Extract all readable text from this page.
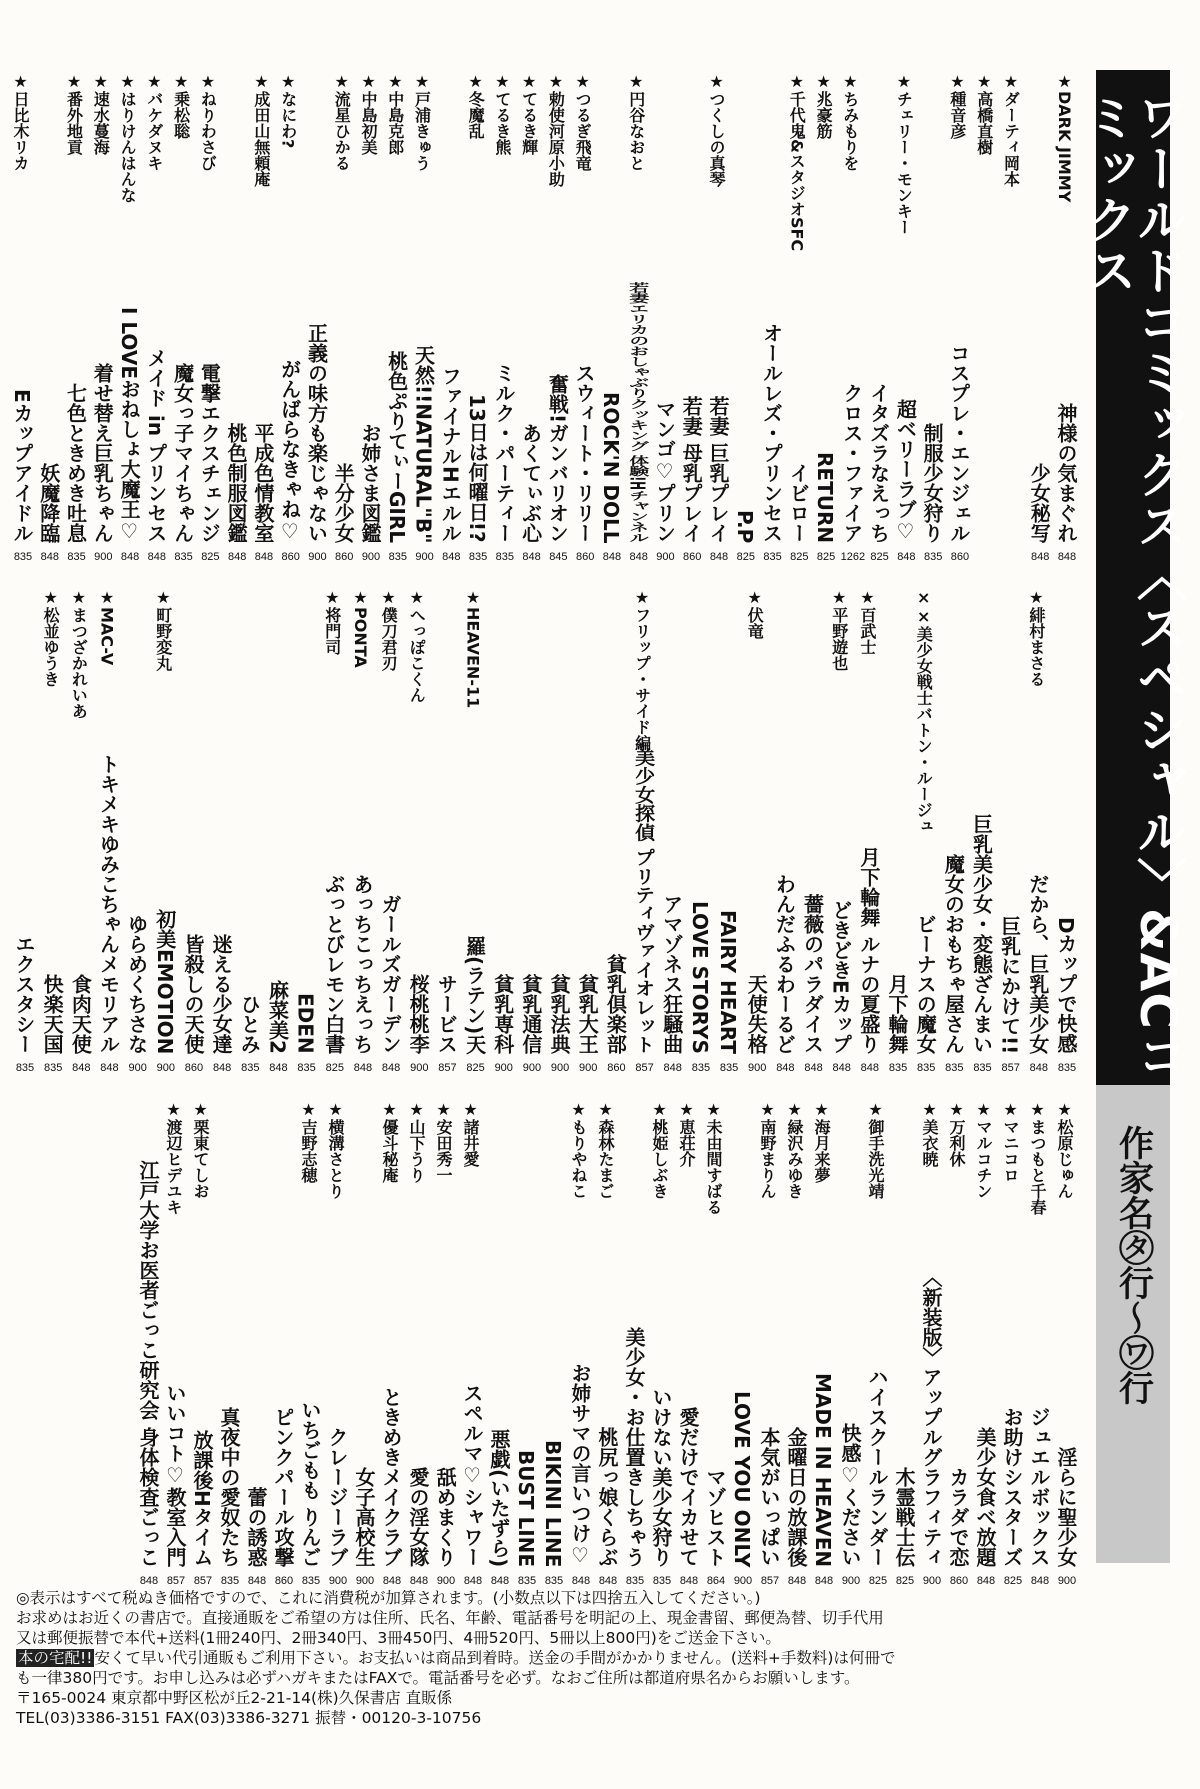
ワールドコミックス〈スペシャル〉&ACコミックス
作家名㋟行〜㋻行
★DARK JIMMY
神様の気まぐれ
848
少女秘写
848
★ダーティ岡本
★高橋直樹
★種音彦
コスプレ・エンジェル
860
制服少女狩り
835
★チェリー・モンキー
超ベリーラブ♡
848
イタズラなえっち
825
★ちみもりを
クロス・ファイア
1262
★兆豪筋
RETURN
825
★千代鬼&スタジオSFC
イビロー
825
オールレズ・プリンセス
835
P.P
825
★つくしの真琴
若妻 巨乳プレイ
848
若妻 母乳プレイ
860
マンゴ♡プリン
900
★円谷なおと
若妻エリカのおしゃぶりクッキング 体験!Hチャンネル
848
ROCK'N DOLL
848
★つるぎ飛竜
スウィート・リリー
860
★勅使河原小助
奮戦!ガンバリオン
845
★てるき輝
あくてぃぶ心
848
★てるき熊
ミルク・パーティー
835
★冬魔乱
13日は何曜日!?
835
ファイナルHエルル
848
★戸浦きゅう
天然!!NATURAL"B"
900
★中島克郎
桃色ぷりてぃーGIRL
835
★中島初美
お姉さま図鑑
900
★流星ひかる
半分少女
860
正義の味方も楽じゃない
900
★なにわ?
がんばらなきゃね♡
860
★成田山無頼庵
平成色情教室
848
桃色制服図鑑
848
★ねりわさび
電撃エクスチェンジ
825
★乗松聡
魔女っ子マイちゃん
835
★バケダヌキ
メイド in プリンセス
848
★はりけんはんな
I LOVEおねしょ大魔王♡
848
★速水蔓海
着せ替え巨乳ちゃん
900
★番外地貢
七色ときめき吐息
835
妖魔降臨
848
★日比木リカ
Eカップアイドル
835
Dカップで快感
835
★緋村まさる
だから、巨乳美少女
848
巨乳にかけて!!
857
巨乳美少女・変態ざんまい
835
魔女のおもちゃ屋さん
835
××美少女戦士バトン・ルージュ
ビーナスの魔女
835
月下輪舞
835
★百武士
月下輪舞 ルナの夏盛り
848
★平野遊也
どきどきEカップ
848
薔薇のパラダイス
848
わんだふるわーるど
848
★伏竜
天使失格
900
FAIRY HEART
835
LOVE STORYS
835
アマゾネス狂騒曲
848
★フリップ・サイド編
美少女探偵 プリティヴァイオレット
857
貧乳倶楽部
860
貧乳大王
900
貧乳法典
900
貧乳通信
900
貧乳専科
900
★HEAVEN-11
羅(ラテン)天
825
サービス
857
★へっぽこくん
桜桃桃李
900
★僕刀君刃
ガールズガーデン
848
★PONTA
あっちこっちえっち
848
★将門司
ぶっとびレモン白書
825
EDEN
835
麻菜美2
848
ひとみ
835
迷える少女達
848
皆殺しの天使
860
★町野変丸
初美EMOTION
900
ゆらめくちさな
900
★MAC-V
トキメキゆみこちゃんメモリアル
848
★まつざかれいあ
食肉天使
848
★松並ゆうき
快楽天国
835
エクスタシー
835
★松原じゅん
淫らに聖少女
900
★まつもと千春
ジュエルボックス
848
★マニコロ
お助けシスターズ
825
★マルコチン
美少女食べ放題
848
★万利休
カラダで恋
860
★美衣暁
〈新装版〉アップルグラフィティ
900
木霊戦士伝
825
★御手洗光靖
ハイスクールランダー
825
快感♡ください
900
★海月来夢
MADE IN HEAVEN
848
★緑沢みゆき
金曜日の放課後
848
★南野まりん
本気がいっぱい
857
LOVE YOU ONLY
900
★未由間すばる
マゾヒスト
864
★恵荘介
愛だけでイカせて
848
★桃姫しぶき
いけない美少女狩り
835
美少女・お仕置きしちゃう
835
★森林たまご
桃尻っ娘くらぶ
848
★もりやねこ
お姉サマの言いつけ♡
848
BIKINI LINE
835
BUST LINE
835
悪戯(いたずら)
848
★諸井愛
スペルマ♡シャワー
848
★安田秀一
舐めまくり
900
★山下うり
愛の淫女隊
848
★優斗秘庵
ときめきメイクラブ
848
女子高校生
900
★横溝さとり
クレージーラブ
900
★吉野志穂
いちごもも りんご
835
ピンクパール攻撃
860
蕾の誘惑
848
真夜中の愛奴たち
835
★栗東てしお
放課後Hタイム
857
★渡辺ヒデユキ
いいコト♡教室入門
857
江戸大学お医者ごっこ研究会 身体検査ごっこ
848

◎表示はすべて税ぬき価格ですので、これに消費税が加算されます。(小数点以下は四捨五入してください。)

お求めはお近くの書店で。直接通販をご希望の方は住所、氏名、年齢、電話番号を明記の上、現金書留、郵便為替、切手代用

又は郵便振替で本代+送料(1冊240円、2冊340円、3冊450円、4冊520円、5冊以上800円)をご送金下さい。

本の宅配!! 安くて早い代引通販もご利用下さい。お支払いは商品到着時。送金の手間がかかりません。(送料+手数料)は何冊で

も一律380円です。お申し込みは必ずハガキまたはFAXで。電話番号を必ず。なおご住所は都道府県名からお願いします。

〒165-0024 東京都中野区松が丘2-21-14(株)久保書店 直販係

TEL(03)3386-3151 FAX(03)3386-3271 振替・00120-3-10756
